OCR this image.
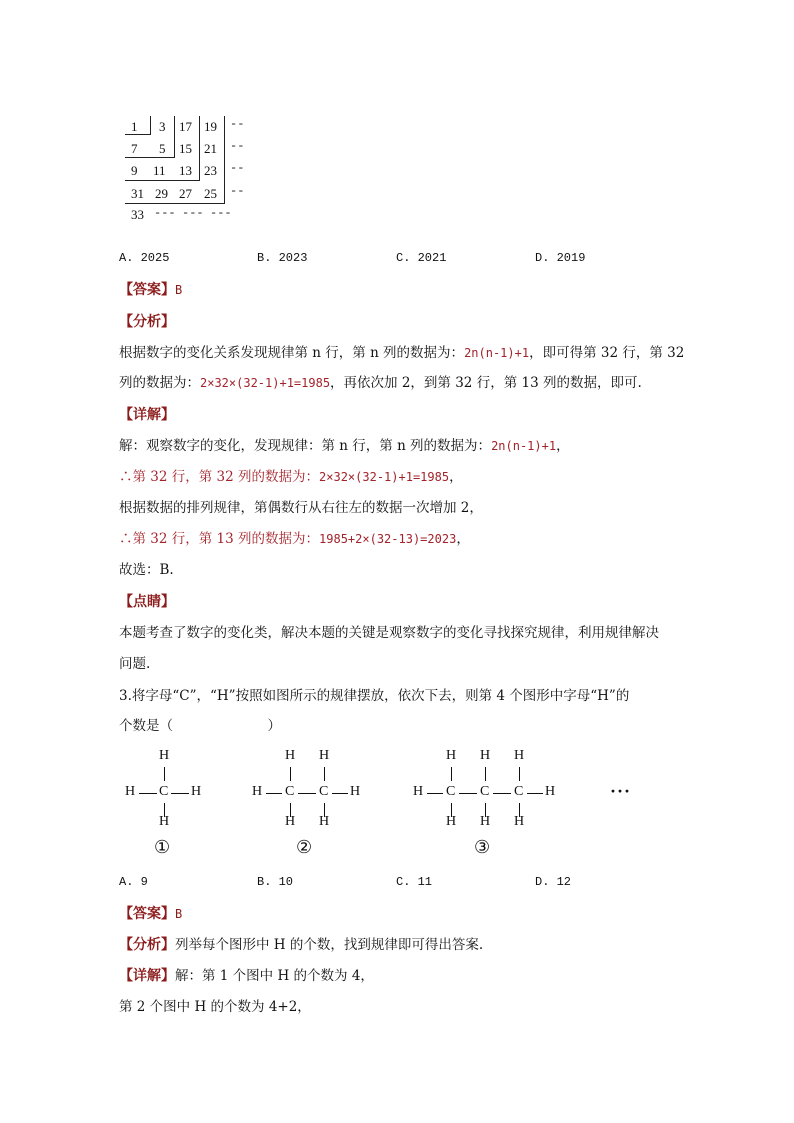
1 3 17 19 --
7 5 15 21 --
9 11 13 23 --
31 29 27 25 --
33 --- --- ---
A. 2025	B. 2023	C. 2021	D. 2019
【答案】B
【分析】
根据数字的变化关系发现规律第 n 行，第 n 列的数据为：2n(n-1)+1，即可得第 32 行，第 32
列的数据为：2×32×(32-1)+1=1985，再依次加 2，到第 32 行，第 13 列的数据，即可.
【详解】
解：观察数字的变化，发现规律：第 n 行，第 n 列的数据为：2n(n-1)+1，
∴第 32 行，第 32 列的数据为：2×32×(32-1)+1=1985，
根据数据的排列规律，第偶数行从右往左的数据一次增加 2，
∴第 32 行，第 13 列的数据为：1985+2×(32-13)=2023，
故选：B.
【点睛】
本题考查了数字的变化类，解决本题的关键是观察数字的变化寻找探究规律，利用规律解决
问题.
3.将字母“C”，“H”按照如图所示的规律摆放，依次下去，则第 4 个图形中字母“H”的
个数是（　　　　　　　）
H
H C H
H
①
H H
H C C H
H H
②
H H H
H C C C H
H H H
③
···
A. 9	B. 10	C. 11	D. 12
【答案】B
【分析】列举每个图形中 H 的个数，找到规律即可得出答案.
【详解】解：第 1 个图中 H 的个数为 4，
第 2 个图中 H 的个数为 4+2，
